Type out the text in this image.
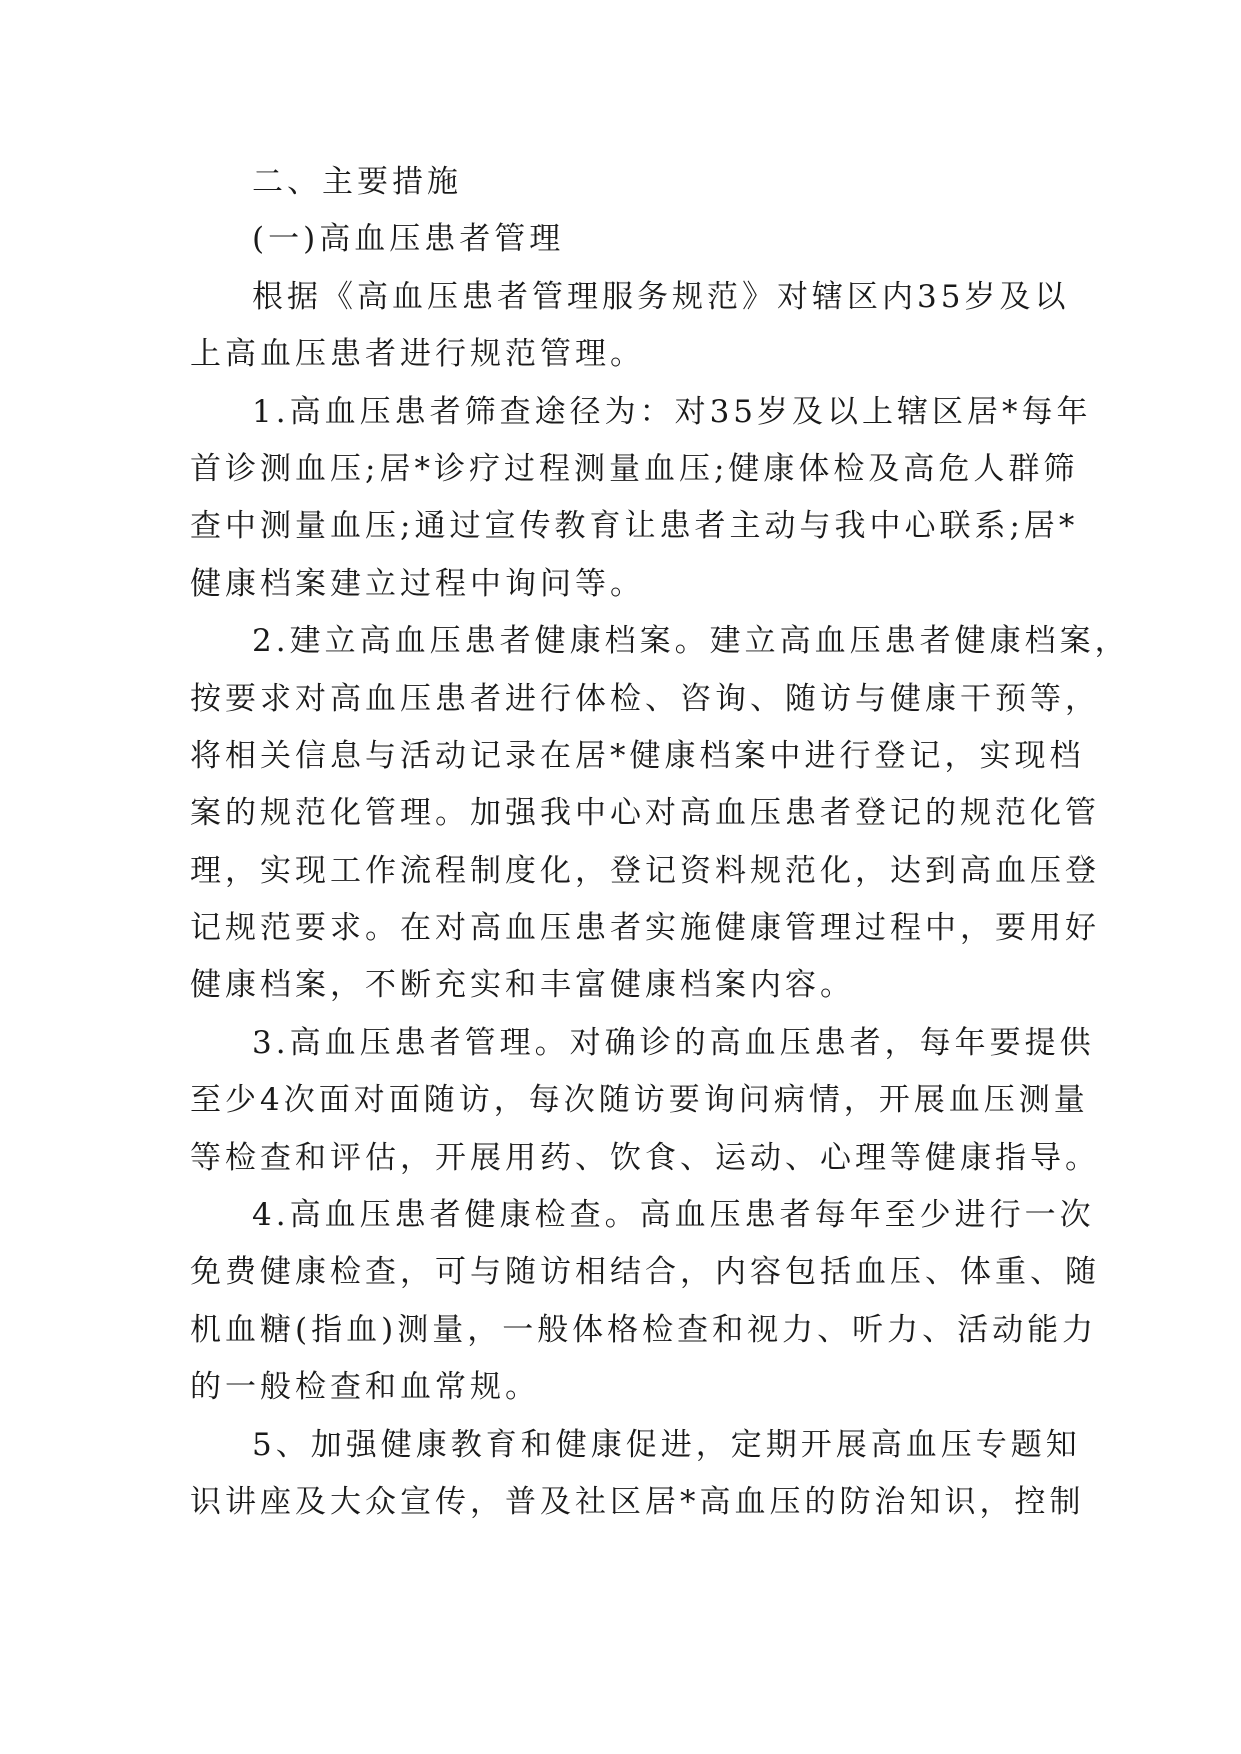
二、主要措施
(一)高血压患者管理
根据《高血压患者管理服务规范》对辖区内35岁及以
上高血压患者进行规范管理。
1.高血压患者筛查途径为：对35岁及以上辖区居*每年
首诊测血压;居*诊疗过程测量血压;健康体检及高危人群筛
查中测量血压;通过宣传教育让患者主动与我中心联系;居*
健康档案建立过程中询问等。
2.建立高血压患者健康档案。建立高血压患者健康档案，
按要求对高血压患者进行体检、咨询、随访与健康干预等，
将相关信息与活动记录在居*健康档案中进行登记，实现档
案的规范化管理。加强我中心对高血压患者登记的规范化管
理，实现工作流程制度化，登记资料规范化，达到高血压登
记规范要求。在对高血压患者实施健康管理过程中，要用好
健康档案，不断充实和丰富健康档案内容。
3.高血压患者管理。对确诊的高血压患者，每年要提供
至少4次面对面随访，每次随访要询问病情，开展血压测量
等检查和评估，开展用药、饮食、运动、心理等健康指导。
4.高血压患者健康检查。高血压患者每年至少进行一次
免费健康检查，可与随访相结合，内容包括血压、体重、随
机血糖(指血)测量，一般体格检查和视力、听力、活动能力
的一般检查和血常规。
5、加强健康教育和健康促进，定期开展高血压专题知
识讲座及大众宣传，普及社区居*高血压的防治知识，控制
